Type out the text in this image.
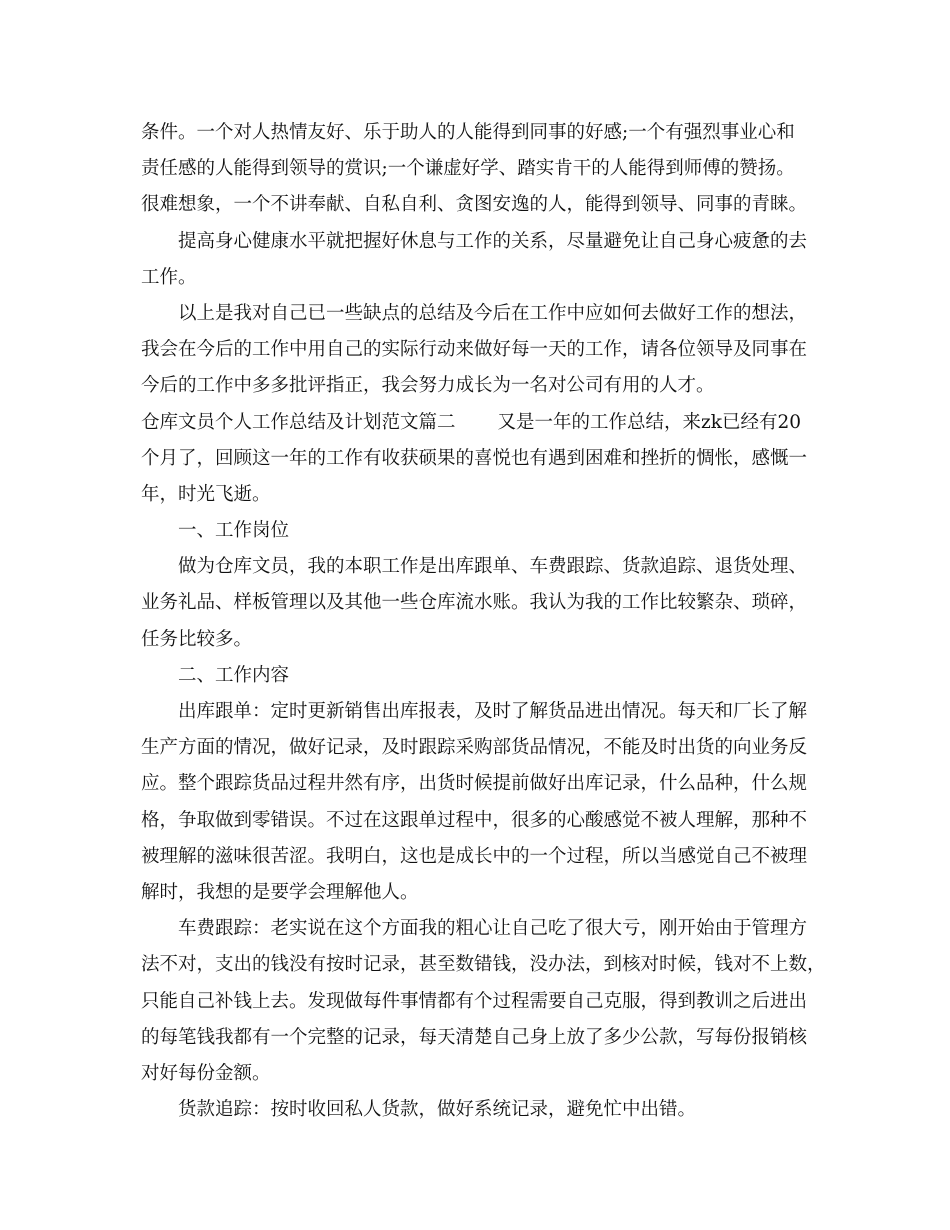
条件。一个对人热情友好、乐于助人的人能得到同事的好感;一个有强烈事业心和
责任感的人能得到领导的赏识;一个谦虚好学、踏实肯干的人能得到师傅的赞扬。
很难想象，一个不讲奉献、自私自利、贪图安逸的人，能得到领导、同事的青睐。
提高身心健康水平就把握好休息与工作的关系，尽量避免让自己身心疲惫的去
工作。
以上是我对自己已一些缺点的总结及今后在工作中应如何去做好工作的想法，
我会在今后的工作中用自己的实际行动来做好每一天的工作，请各位领导及同事在
今后的工作中多多批评指正，我会努力成长为一名对公司有用的人才。
仓库文员个人工作总结及计划范文篇二 又是一年的工作总结，来zk已经有20
个月了，回顾这一年的工作有收获硕果的喜悦也有遇到困难和挫折的惆怅，感慨一
年，时光飞逝。
一、工作岗位
做为仓库文员，我的本职工作是出库跟单、车费跟踪、货款追踪、退货处理、
业务礼品、样板管理以及其他一些仓库流水账。我认为我的工作比较繁杂、琐碎，
任务比较多。
二、工作内容
出库跟单：定时更新销售出库报表，及时了解货品进出情况。每天和厂长了解
生产方面的情况，做好记录，及时跟踪采购部货品情况，不能及时出货的向业务反
应。整个跟踪货品过程井然有序，出货时候提前做好出库记录，什么品种，什么规
格，争取做到零错误。不过在这跟单过程中，很多的心酸感觉不被人理解，那种不
被理解的滋味很苦涩。我明白，这也是成长中的一个过程，所以当感觉自己不被理
解时，我想的是要学会理解他人。
车费跟踪：老实说在这个方面我的粗心让自己吃了很大亏，刚开始由于管理方
法不对，支出的钱没有按时记录，甚至数错钱，没办法，到核对时候，钱对不上数，
只能自己补钱上去。发现做每件事情都有个过程需要自己克服，得到教训之后进出
的每笔钱我都有一个完整的记录，每天清楚自己身上放了多少公款，写每份报销核
对好每份金额。
货款追踪：按时收回私人货款，做好系统记录，避免忙中出错。
